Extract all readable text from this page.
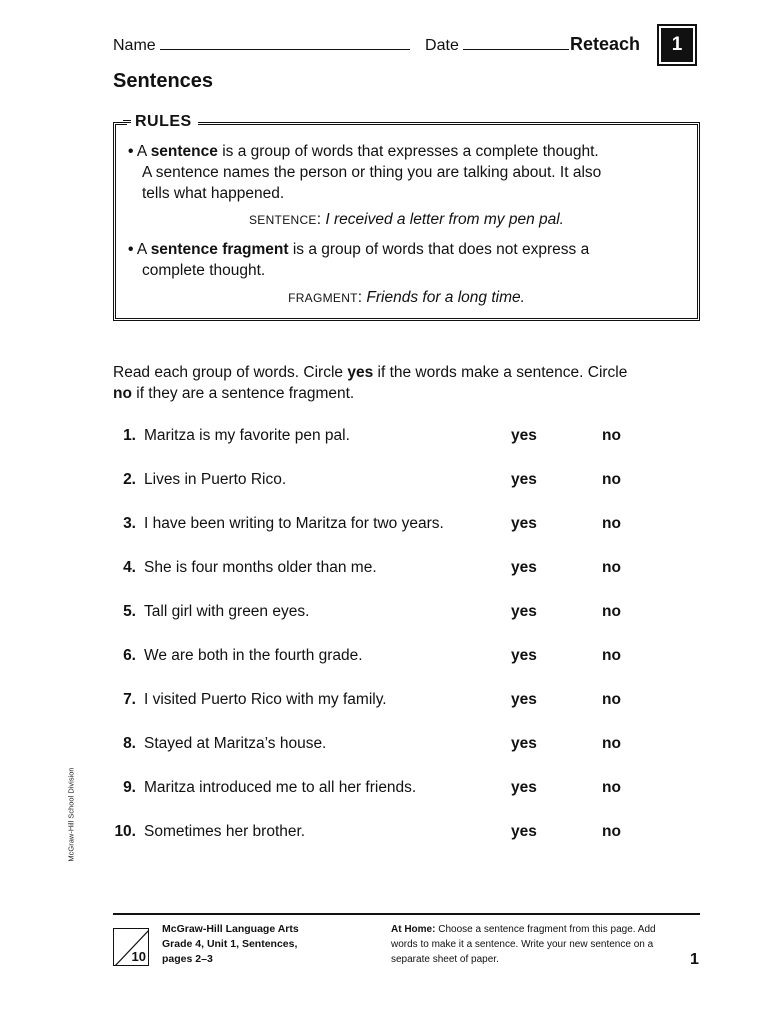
Name	Date	Reteach	1
Sentences
RULES
• A sentence is a group of words that expresses a complete thought.
A sentence names the person or thing you are talking about. It also
tells what happened.
SENTENCE: I received a letter from my pen pal.
• A sentence fragment is a group of words that does not express a
complete thought.
FRAGMENT: Friends for a long time.
Read each group of words. Circle yes if the words make a sentence. Circle
no if they are a sentence fragment.
1. Maritza is my favorite pen pal.	yes	no
2. Lives in Puerto Rico.	yes	no
3. I have been writing to Maritza for two years.	yes	no
4. She is four months older than me.	yes	no
5. Tall girl with green eyes.	yes	no
6. We are both in the fourth grade.	yes	no
7. I visited Puerto Rico with my family.	yes	no
8. Stayed at Maritza’s house.	yes	no
9. Maritza introduced me to all her friends.	yes	no
10. Sometimes her brother.	yes	no
McGraw-Hill School Division
10
McGraw-Hill Language Arts
Grade 4, Unit 1, Sentences,
pages 2–3
At Home: Choose a sentence fragment from this page. Add
words to make it a sentence. Write your new sentence on a
separate sheet of paper.	1
